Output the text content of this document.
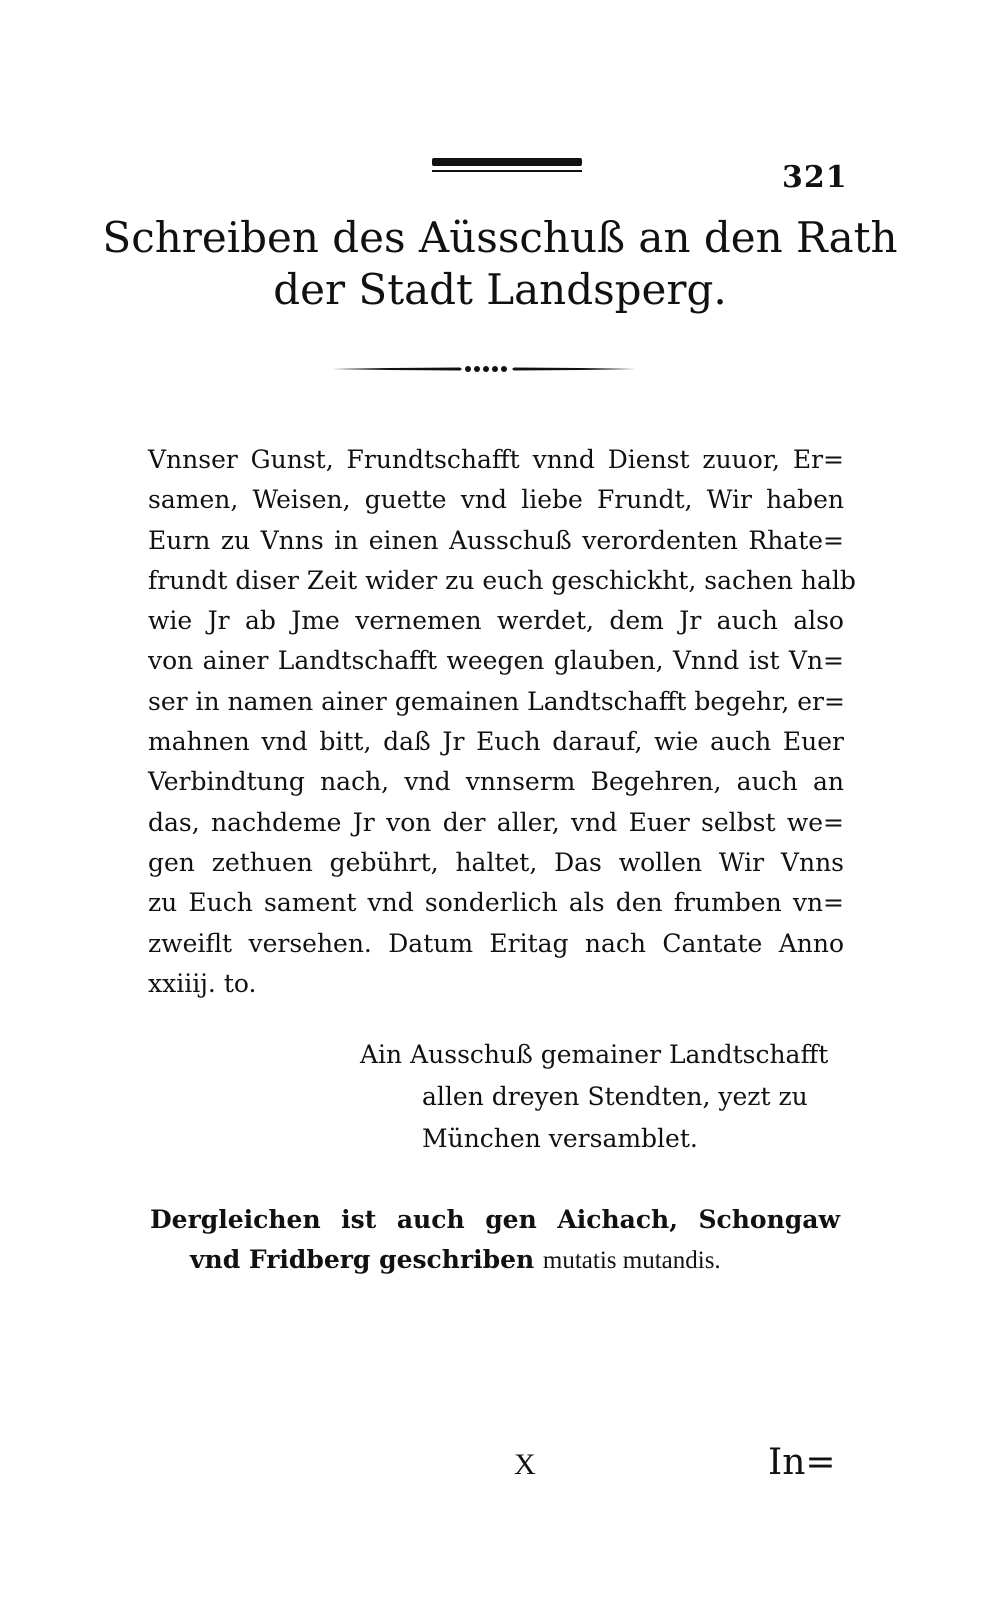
321
Schreiben des Aüsschuß an den Rath
der Stadt Landsperg.
Vnnser Gunst, Frundtschafft vnnd Dienst zuuor, Er=
samen, Weisen, guette vnd liebe Frundt, Wir haben
Eurn zu Vnns in einen Ausschuß verordenten Rhate=
frundt diser Zeit wider zu euch geschickht, sachen halb
wie Jr ab Jme vernemen werdet, dem Jr auch also
von ainer Landtschafft weegen glauben, Vnnd ist Vn=
ser in namen ainer gemainen Landtschafft begehr, er=
mahnen vnd bitt, daß Jr Euch darauf, wie auch Euer
Verbindtung nach, vnd vnnserm Begehren, auch an
das, nachdeme Jr von der aller, vnd Euer selbst we=
gen zethuen gebührt, haltet, Das wollen Wir Vnns
zu Euch sament vnd sonderlich als den frumben vn=
zweiflt versehen. Datum Eritag nach Cantate Anno
xxiiij. to.
Ain Ausschuß gemainer Landtschafft
allen dreyen Stendten, yezt zu
München versamblet.
Dergleichen ist auch gen Aichach, Schongaw
vnd Fridberg geschriben mutatis mutandis.
X	In=
